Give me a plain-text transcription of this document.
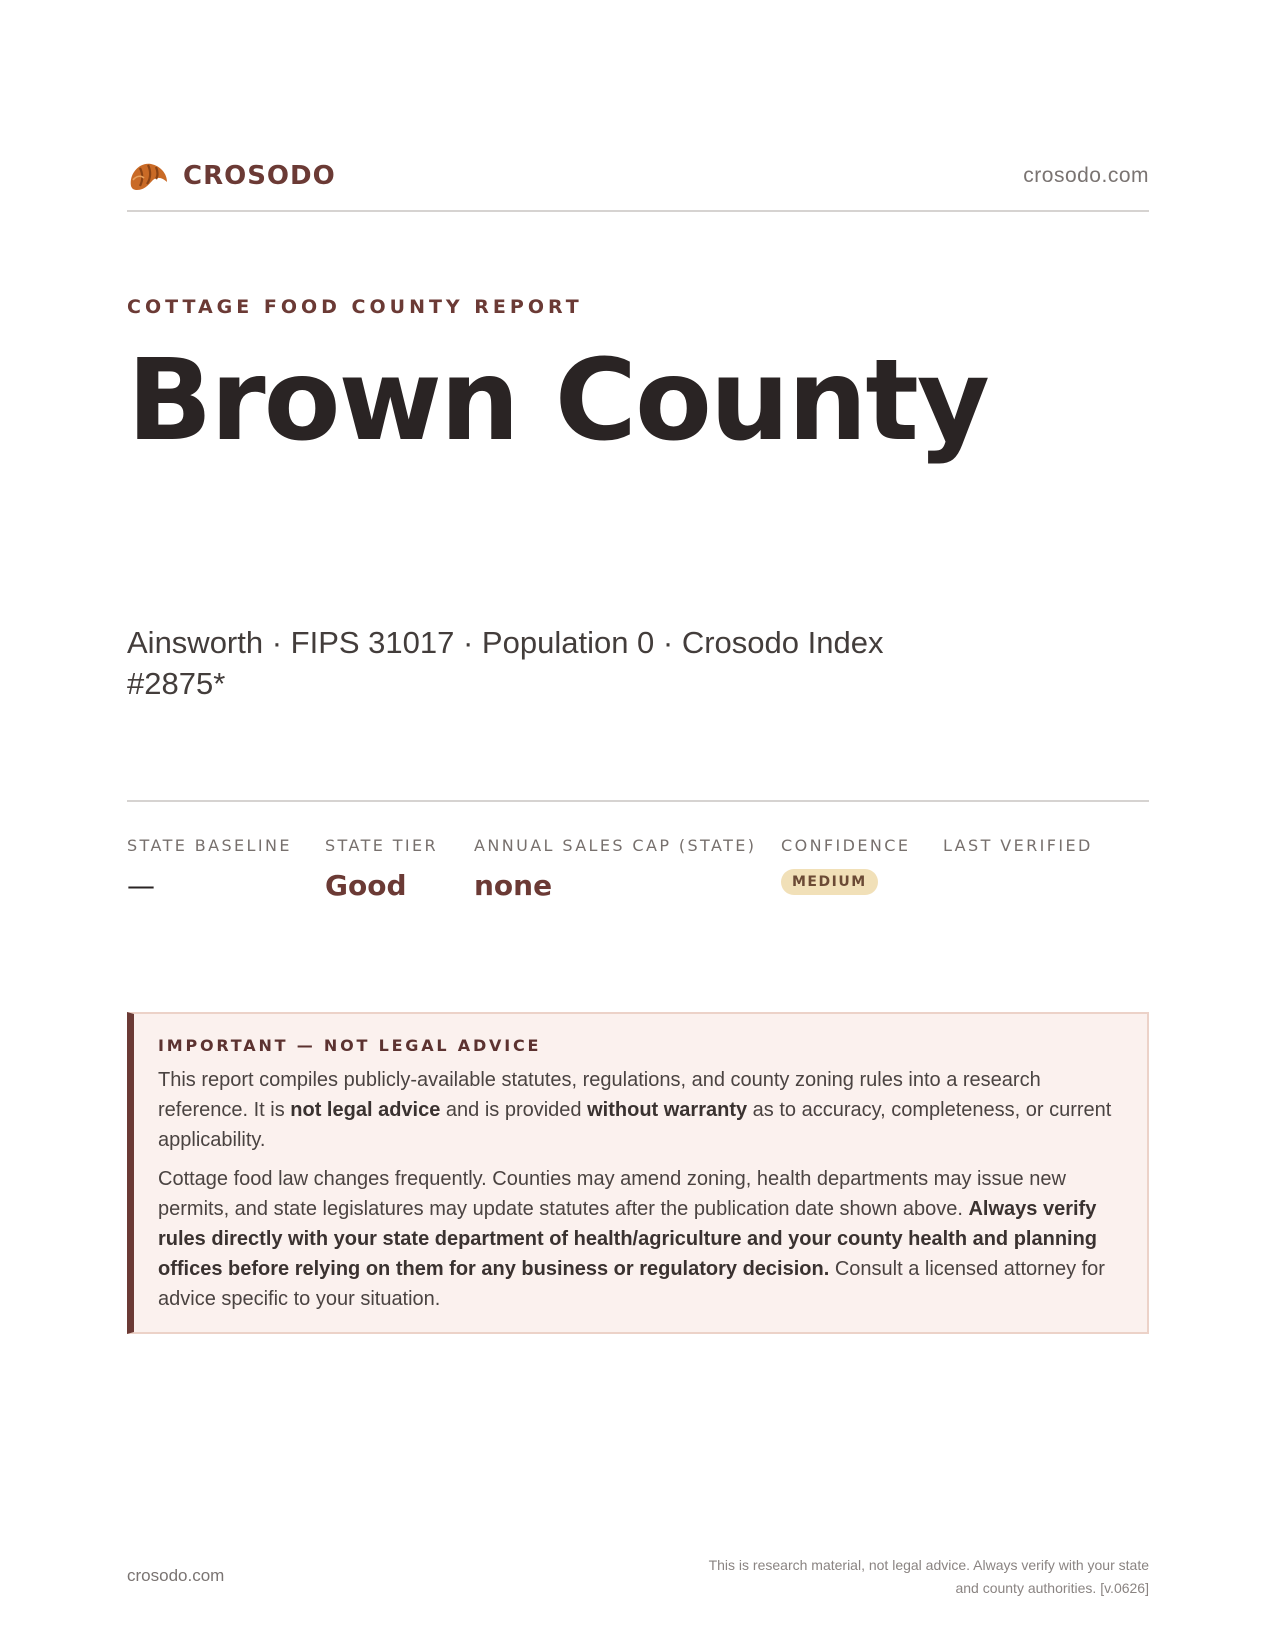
CROSODO	crosodo.com
COTTAGE FOOD COUNTY REPORT
Brown County

Ainsworth · FIPS 31017 · Population 0 · Crosodo Index #2875*

STATE BASELINE
—
STATE TIER
Good
ANNUAL SALES CAP (STATE)
none
CONFIDENCE
MEDIUM
LAST VERIFIED
IMPORTANT — NOT LEGAL ADVICE

This report compiles publicly-available statutes, regulations, and county zoning rules into a research reference. It is not legal advice and is provided without warranty as to accuracy, completeness, or current applicability.

Cottage food law changes frequently. Counties may amend zoning, health departments may issue new permits, and state legislatures may update statutes after the publication date shown above. Always verify rules directly with your state department of health/agriculture and your county health and planning offices before relying on them for any business or regulatory decision. Consult a licensed attorney for advice specific to your situation.

crosodo.com
This is research material, not legal advice. Always verify with your state
and county authorities. [v.0626]
